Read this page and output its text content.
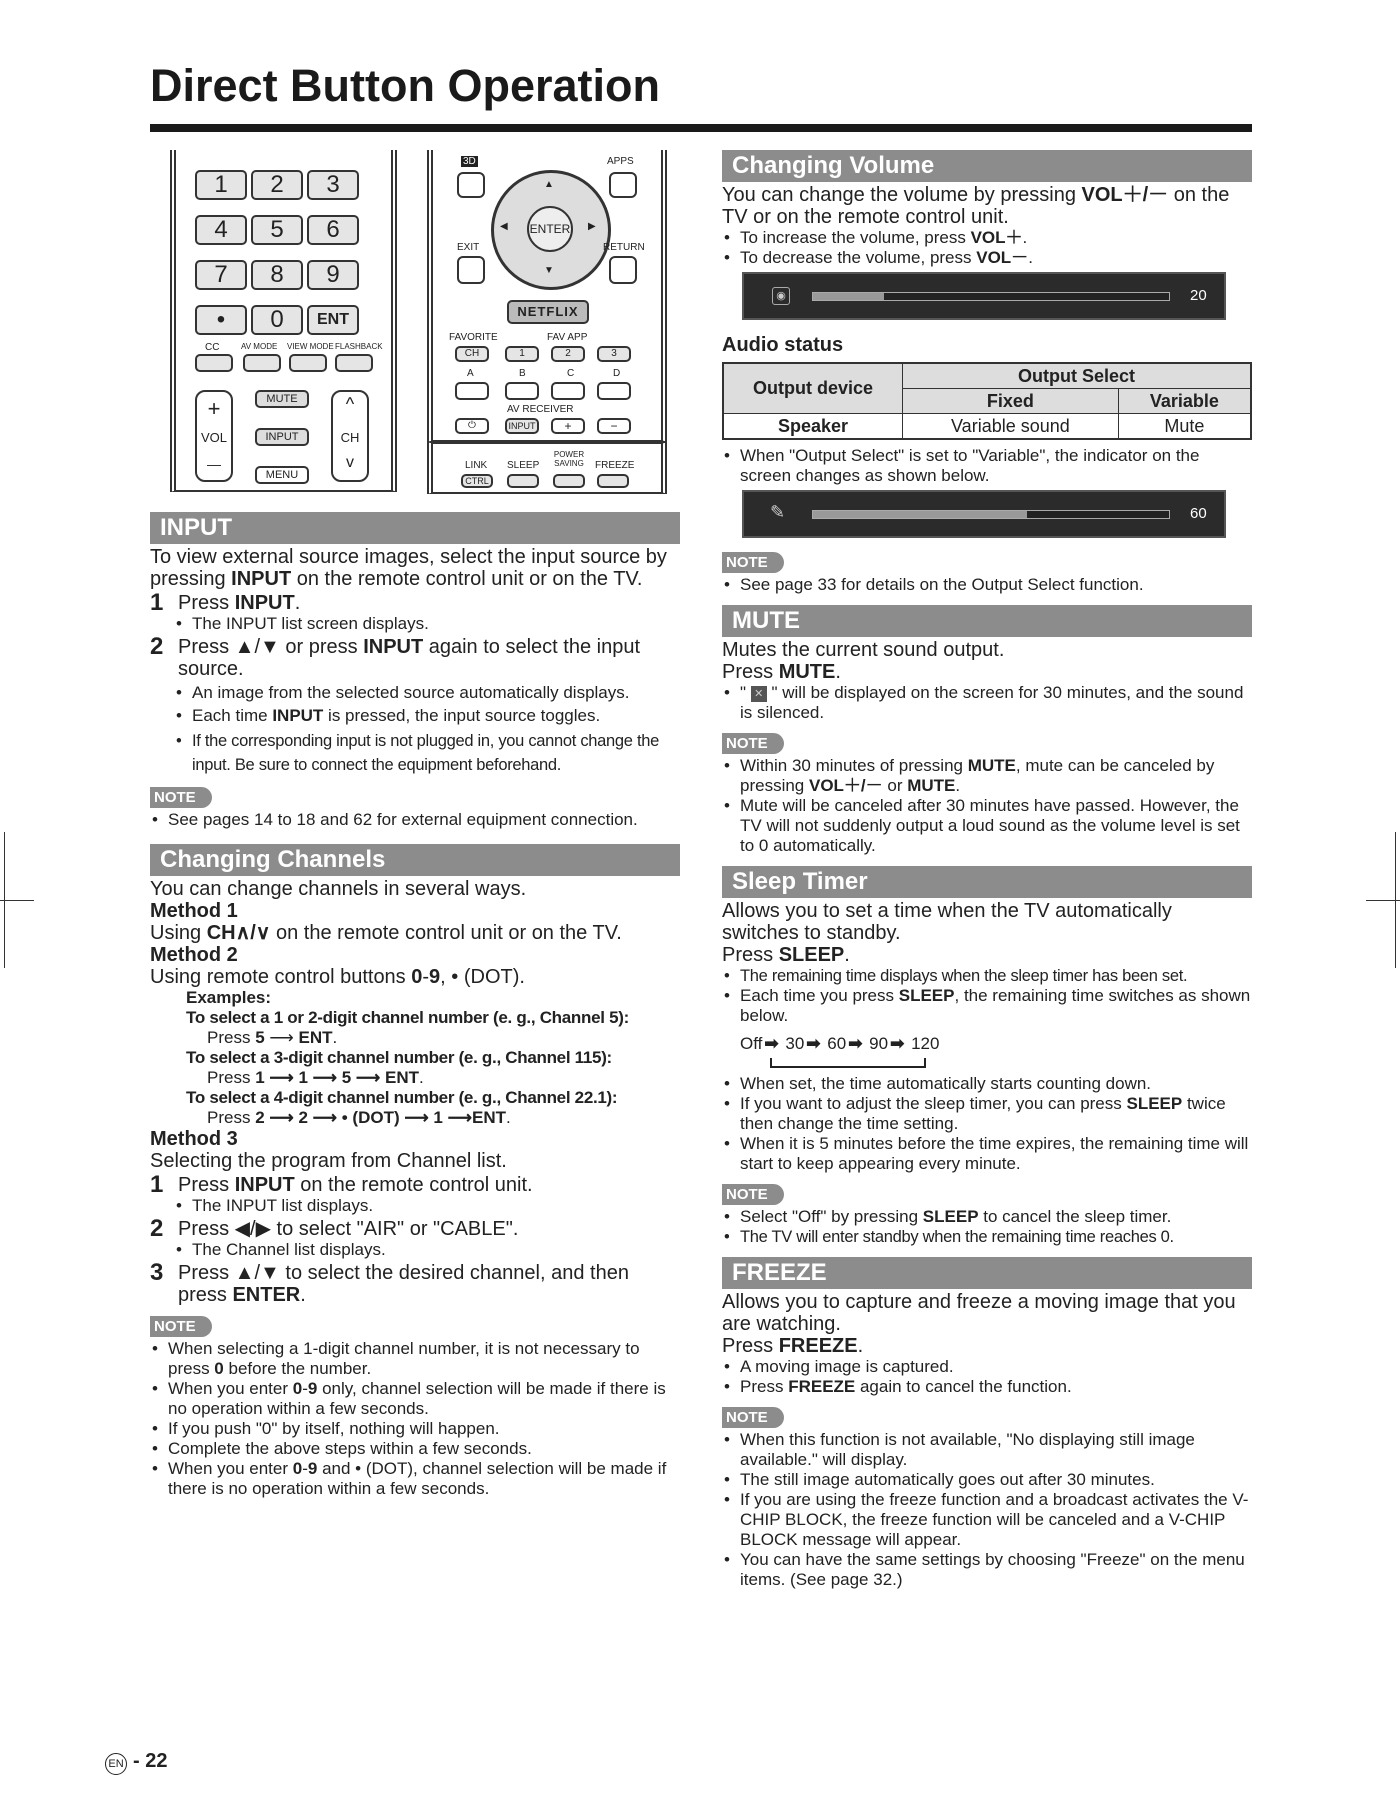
Direct Button Operation
CC	AV MODE VIEW MODE FLASHBACK
+
VOL
—
MUTE
INPUT
MENU
^
CH
v
3D	APPS
ENTER
▲
▼
◀	▶
EXIT	RETURN
NETFLIX
FAVORITE	FAV APP
CH	1	2	3
A	B	C	D
AV RECEIVER
⏻	INPUT	+	−
LINK
CTRL
SLEEP
POWER SAVING	FREEZE
1	2	3
4	5	6
7	8	9
•	0	ENT
INPUT

To view external source images, select the input source by pressing INPUT on the remote control unit or on the TV.

1 Press INPUT.

• The INPUT list screen displays.

2 Press ▲/▼ or press INPUT again to select the input source.

• An image from the selected source automatically displays.

• Each time INPUT is pressed, the input source toggles.

• If the corresponding input is not plugged in, you cannot change the input. Be sure to connect the equipment beforehand.

NOTE

• See pages 14 to 18 and 62 for external equipment connection.

Changing Channels

You can change channels in several ways.

Method 1

Using CH∧/∨ on the remote control unit or on the TV.

Method 2

Using remote control buttons 0-9, • (DOT).

Examples:

To select a 1 or 2-digit channel number (e. g., Channel 5):

Press 5 ⟶ ENT.

To select a 3-digit channel number (e. g., Channel 115):

Press 1 ⟶ 1 ⟶ 5 ⟶ ENT.

To select a 4-digit channel number (e. g., Channel 22.1):

Press 2 ⟶ 2 ⟶ • (DOT) ⟶ 1 ⟶ENT.

Method 3

Selecting the program from Channel list.

1 Press INPUT on the remote control unit.

• The INPUT list displays.

2 Press ◀/▶ to select "AIR" or "CABLE".

• The Channel list displays.

3 Press ▲/▼ to select the desired channel, and then press ENTER.
NOTE

• When selecting a 1-digit channel number, it is not necessary to press 0 before the number.

• When you enter 0-9 only, channel selection will be made if there is no operation within a few seconds.

• If you push "0" by itself, nothing will happen.

• Complete the above steps within a few seconds.

• When you enter 0-9 and • (DOT), channel selection will be made if there is no operation within a few seconds.

Changing Volume

You can change the volume by pressing VOL＋/－ on the TV or on the remote control unit.

• To increase the volume, press VOL＋.

• To decrease the volume, press VOL－.

◉	20

Audio status

Output device	Output Select	
	Fixed	Variable
Speaker	Variable sound	Mute

• When "Output Select" is set to "Variable", the indicator on the screen changes as shown below.

✎	60
NOTE

• See page 33 for details on the Output Select function.

MUTE

Mutes the current sound output.

Press MUTE.

• " ✕ " will be displayed on the screen for 30 minutes, and the sound is silenced.

NOTE

• Within 30 minutes of pressing MUTE, mute can be canceled by pressing VOL＋/－ or MUTE.

• Mute will be canceled after 30 minutes have passed. However, the TV will not suddenly output a loud sound as the volume level is set to 0 automatically.

Sleep Timer

Allows you to set a time when the TV automatically switches to standby.

Press SLEEP.

• The remaining time displays when the sleep timer has been set.

• Each time you press SLEEP, the remaining time switches as shown below.

Off ➡ 30 ➡ 60 ➡ 90 ➡ 120

• When set, the time automatically starts counting down.

• If you want to adjust the sleep timer, you can press SLEEP twice then change the time setting.

• When it is 5 minutes before the time expires, the remaining time will start to keep appearing every minute.

NOTE

• Select "Off" by pressing SLEEP to cancel the sleep timer.

• The TV will enter standby when the remaining time reaches 0.

FREEZE

Allows you to capture and freeze a moving image that you are watching.

Press FREEZE.

• A moving image is captured.

• Press FREEZE again to cancel the function.

NOTE

• When this function is not available, "No displaying still image available." will display.

• The still image automatically goes out after 30 minutes.

• If you are using the freeze function and a broadcast activates the V-CHIP BLOCK, the freeze function will be canceled and a V-CHIP BLOCK message will appear.

• You can have the same settings by choosing "Freeze" on the menu items. (See page 32.)

EN - 22
